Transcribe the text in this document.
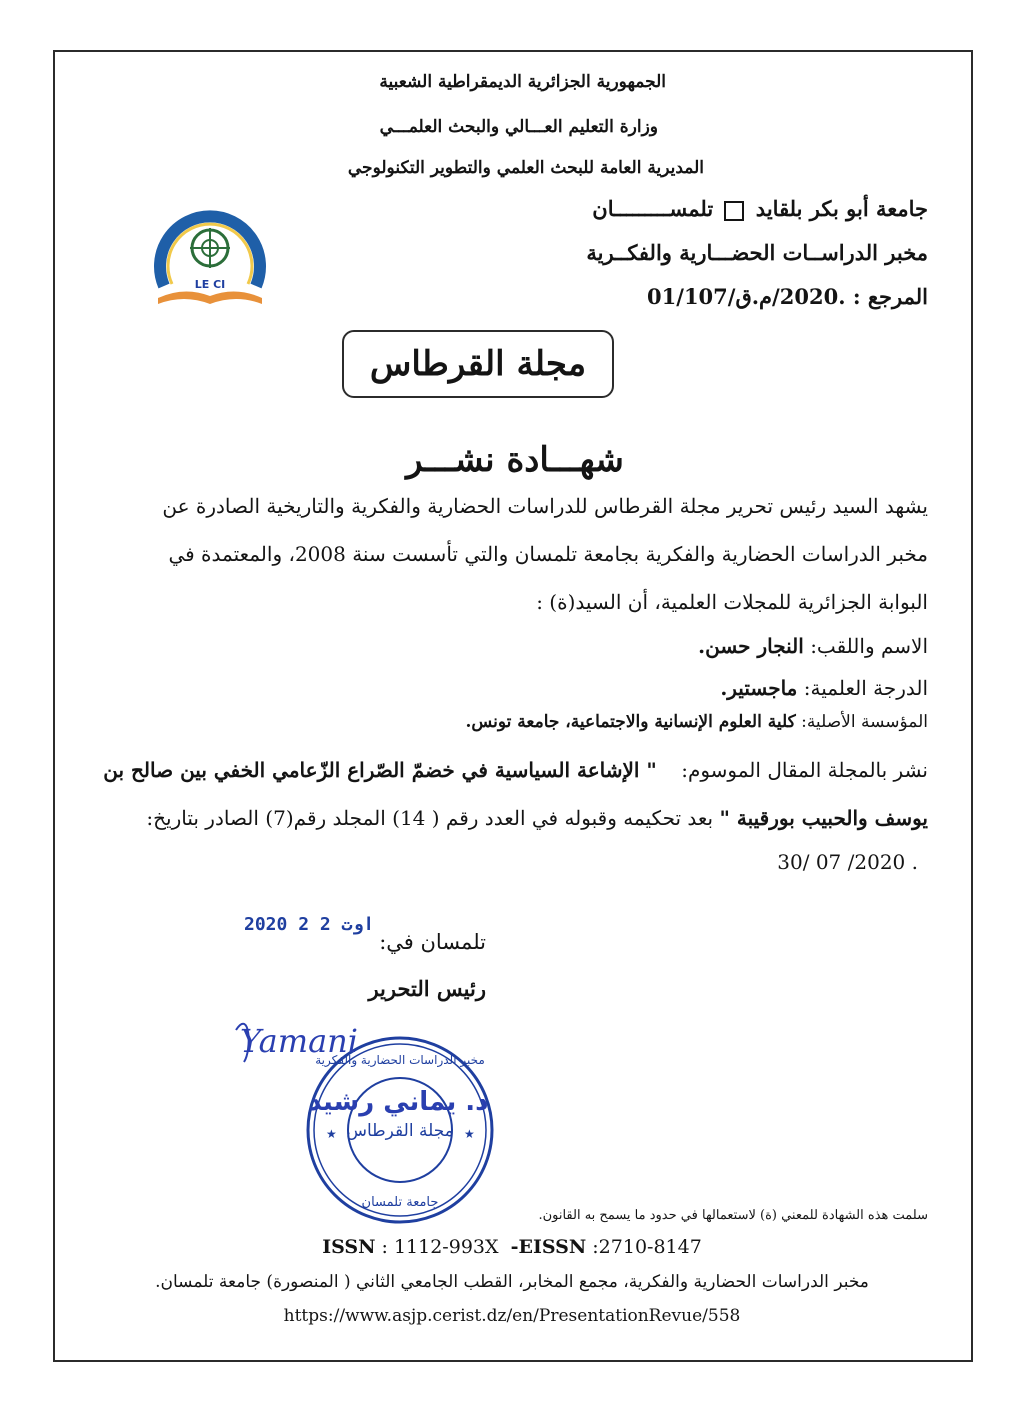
الجمهورية الجزائرية الديمقراطية الشعبية
وزارة التعليم العـــالي والبحث العلمـــي
المديرية العامة للبحث العلمي والتطوير التكنولوجي
جامعة أبو بكر بلقايد  تلمســـــــــان
مخبر الدراســات الحضـــارية والفكــرية
المرجع : .2020/م.ق/01/107
LE CI
مجلة القرطاس
شهـــادة نشـــر
يشهد السيد رئيس تحرير مجلة القرطاس للدراسات الحضارية والفكرية والتاريخية الصادرة عن
مخبر الدراسات الحضارية والفكرية بجامعة تلمسان والتي تأسست سنة 2008، والمعتمدة في
البوابة الجزائرية للمجلات العلمية، أن السيد(ة) :
الاسم واللقب: النجار حسن.
الدرجة العلمية: ماجستير.
المؤسسة الأصلية: كلية العلوم الإنسانية والاجتماعية، جامعة تونس.
نشر بالمجلة المقال الموسوم: " الإشاعة السياسية في خضمّ الصّراع الزّعامي الخفي بين صالح بن
يوسف والحبيب بورقيبة " بعد تحكيمه وقبوله في العدد رقم ( 14) المجلد رقم(7) الصادر بتاريخ:
. 2020/ 07 /30
2020 اوت 2 2
تلمسان في:
رئيس التحرير
مجلة القرطاس
مخبر الدراسات الحضارية والفكرية
جامعة تلمسان
★	★
Yamani
د. يماني رشيد
سلمت هذه الشهادة للمعني (ة) لاستعمالها في حدود ما يسمح به القانون.
ISSN : 1112-993X -EISSN :2710-8147
مخبر الدراسات الحضارية والفكرية، مجمع المخابر، القطب الجامعي الثاني ( المنصورة) جامعة تلمسان.
https://www.asjp.cerist.dz/en/PresentationRevue/558
